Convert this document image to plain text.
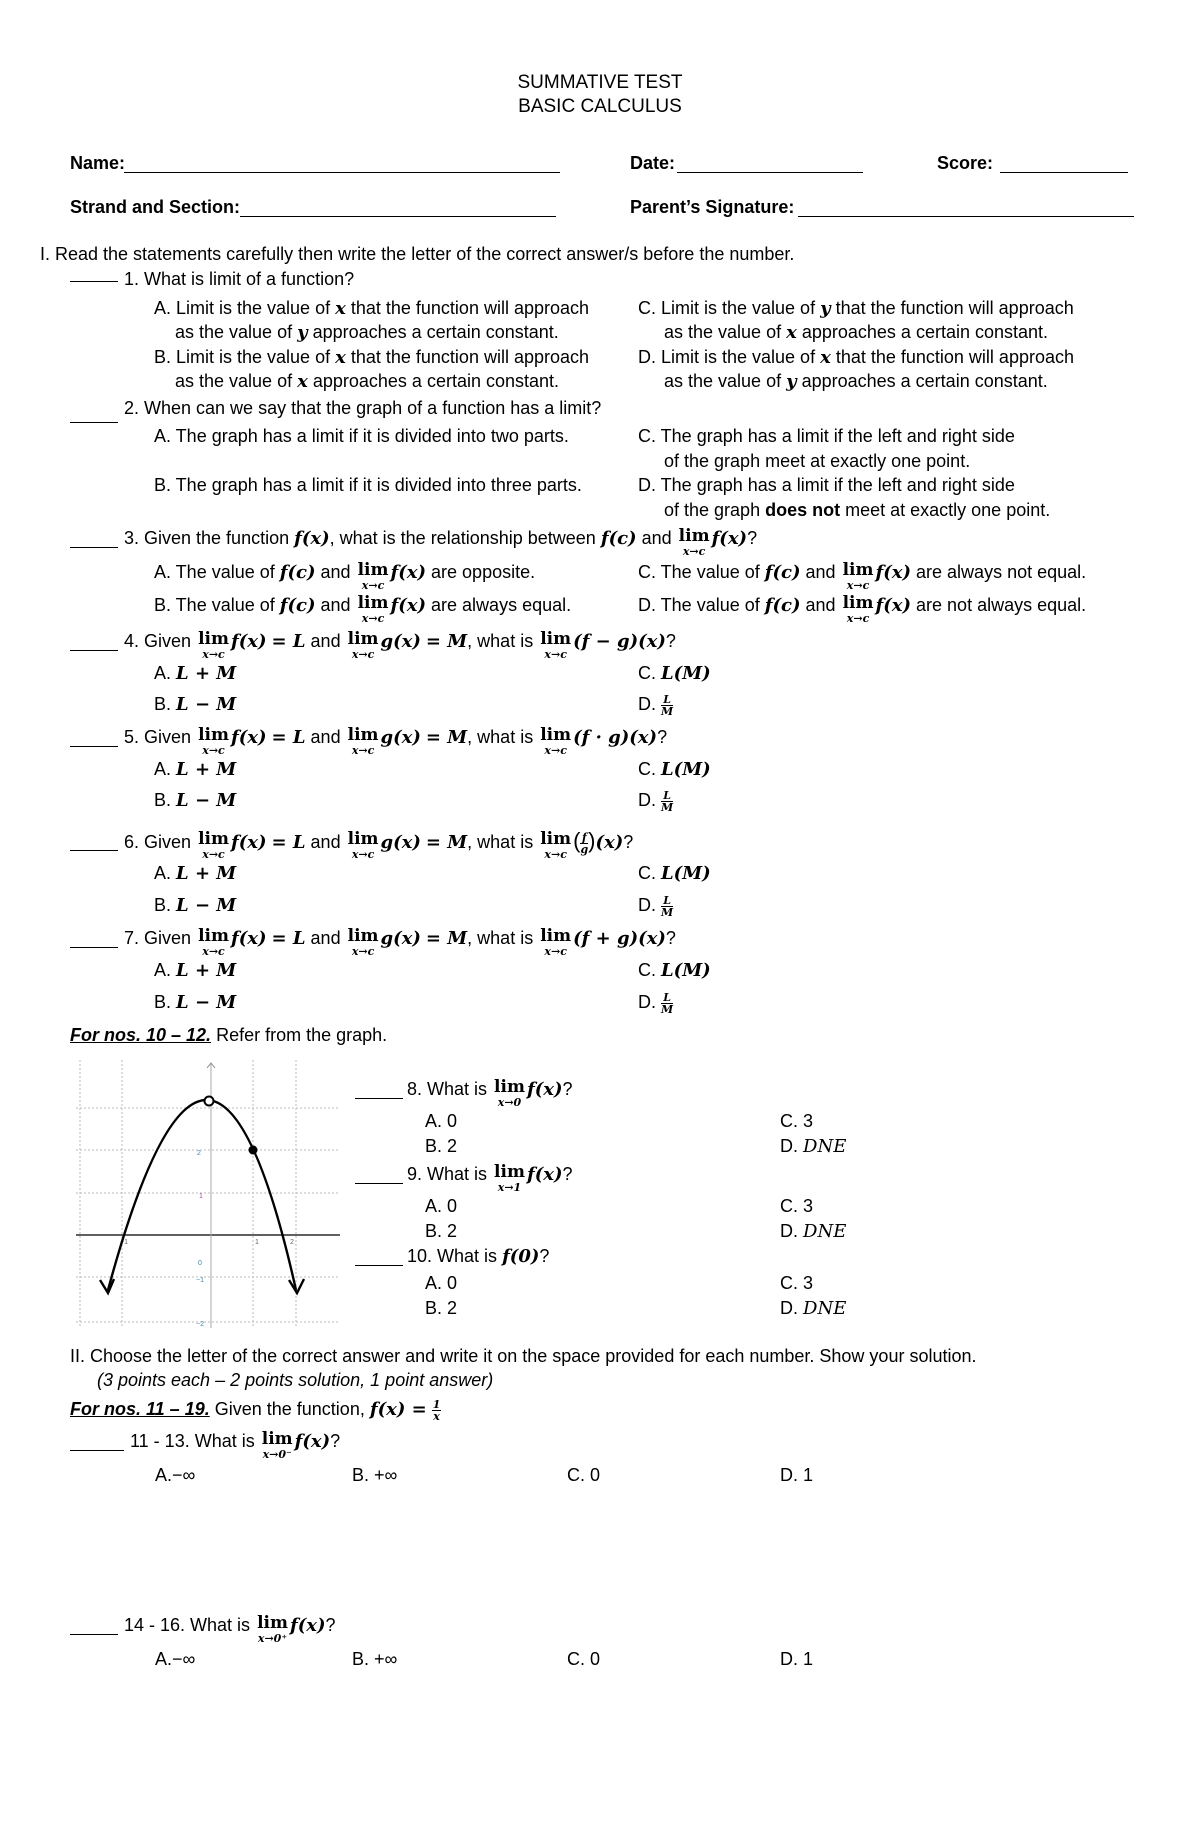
SUMMATIVE TEST
BASIC CALCULUS
Name:	Date:	Score:
Strand and Section:	Parent’s Signature:
I. Read the statements carefully then write the letter of the correct answer/s before the number.
1. What is limit of a function?
A. Limit is the value of x that the function will approach
as the value of y approaches a certain constant.
B. Limit is the value of x that the function will approach
as the value of x approaches a certain constant.
C. Limit is the value of y that the function will approach
as the value of x approaches a certain constant.
D. Limit is the value of x that the function will approach
as the value of y approaches a certain constant.
2. When can we say that the graph of a function has a limit?
A. The graph has a limit if it is divided into two parts.
B. The graph has a limit if it is divided into three parts.
C. The graph has a limit if the left and right side
of the graph meet at exactly one point.
D. The graph has a limit if the left and right side
of the graph does not meet at exactly one point.
3. Given the function f(x), what is the relationship between f(c) and lim
x→c
f(x)?
A. The value of f(c) and lim
x→c
f(x) are opposite.
B. The value of f(c) and lim
x→c
f(x) are always equal.
C. The value of f(c) and lim
x→c
f(x) are always not equal.
D. The value of f(c) and lim
x→c
f(x) are not always equal.
4. Given lim
x→c
f(x) = L and lim
x→c
g(x) = M, what is lim
x→c
(f − g)(x)?
A. L + M
B. L − M
C. L(M)
D. $\frac{L}{M}$
5. Given lim
x→c
f(x) = L and lim
x→c
g(x) = M, what is lim
x→c
(f · g)(x)?
A. L + M
B. L − M
C. L(M)
D. $\frac{L}{M}$
6. Given lim
x→c
f(x) = L and lim
x→c
g(x) = M, what is lim
x→c
( $\frac{f}{g} )(x)$?
A. L + M
B. L − M
C. L(M)
D. $\frac{L}{M}$
7. Given lim
x→c
f(x) = L and lim
x→c
g(x) = M, what is lim
x→c
(f + g)(x)?
A. L + M
B. L − M
C. L(M)
D. $\frac{L}{M}$
For nos. 10 – 12. Refer from the graph.
−1	1	2
0
2
1
−1
−2
8. What is lim
x→0
f(x)?
A. 0
B. 2
C. 3
D. DNE
9. What is lim
x→1
f(x)?
A. 0
B. 2
C. 3
D. DNE
10. What is f(0)?
A. 0
B. 2
C. 3
D. DNE
II. Choose the letter of the correct answer and write it on the space provided for each number. Show your solution.
(3 points each – 2 points solution, 1 point answer)
For nos. 11 – 19. Given the function, $f(x) = \frac{1}{x}$
11 - 13. What is lim
x→0⁻
f(x)?
A.−∞	B. +∞	C. 0	D. 1
14 - 16. What is lim
x→0⁺
f(x)?
A.−∞	B. +∞	C. 0	D. 1
